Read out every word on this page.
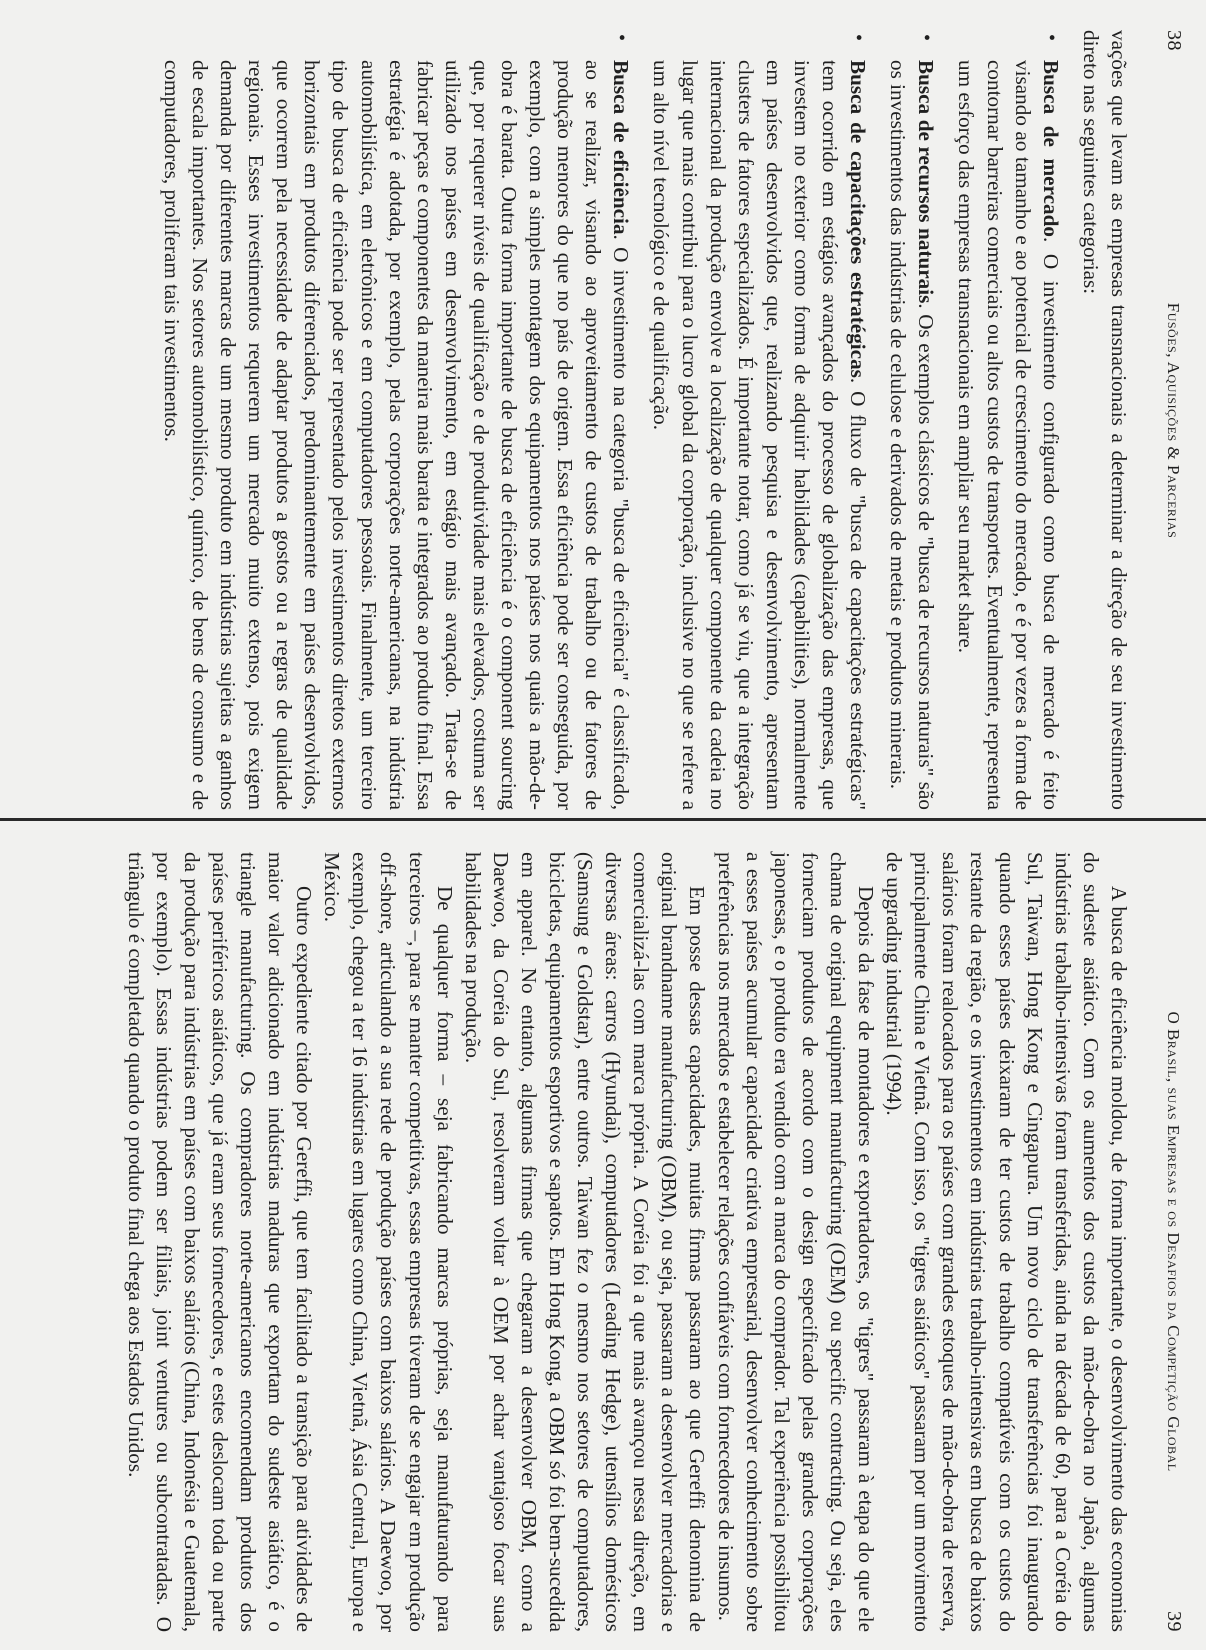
38
Fusões, Aquisições & Parcerias

vações que levam as empresas transnacionais a determinar a direção de seu investimento direto nas seguintes categorias:

•
Busca de mercado. O investimento configurado como busca de mercado é feito visando ao tamanho e ao potencial de crescimento do mercado, e é por vezes a forma de contornar barreiras comerciais ou altos custos de transportes. Eventualmente, representa um esforço das empresas transnacionais em ampliar seu market share.
•
Busca de recursos naturais. Os exemplos clássicos de "busca de recursos naturais" são os investimentos das indústrias de celulose e derivados de metais e produtos minerais.
•
Busca de capacitações estratégicas. O fluxo de "busca de capacitações estratégicas" tem ocorrido em estágios avançados do processo de globalização das empresas, que investem no exterior como forma de adquirir habilidades (capabilities), normalmente em países desenvolvidos que, realizando pesquisa e desenvolvimento, apresentam clusters de fatores especializados. É importante notar, como já se viu, que a integração internacional da produção envolve a localização de qualquer componente da cadeia no lugar que mais contribui para o lucro global da corporação, inclusive no que se refere a um alto nível tecnológico e de qualificação.
•
Busca de eficiência. O investimento na categoria "busca de eficiência" é classificado, ao se realizar, visando ao aproveitamento de custos de trabalho ou de fatores de produção menores do que no país de origem. Essa eficiência pode ser conseguida, por exemplo, com a simples montagem dos equipamentos nos países nos quais a mão-de-obra é barata. Outra forma importante de busca de eficiência é o component sourcing que, por requerer níveis de qualificação e de produtividade mais elevados, costuma ser utilizado nos países em desenvolvimento, em estágio mais avançado. Trata-se de fabricar peças e componentes da maneira mais barata e integrados ao produto final. Essa estratégia é adotada, por exemplo, pelas corporações norte-americanas, na indústria automobilística, em eletrônicos e em computadores pessoais. Finalmente, um terceiro tipo de busca de eficiência pode ser representado pelos investimentos diretos externos horizontais em produtos diferenciados, predominantemente em países desenvolvidos, que ocorrem pela necessidade de adaptar produtos a gostos ou a regras de qualidade regionais. Esses investimentos requerem um mercado muito extenso, pois exigem demanda por diferentes marcas de um mesmo produto em indústrias sujeitas a ganhos de escala importantes. Nos setores automobilístico, químico, de bens de consumo e de computadores, proliferam tais investimentos.
O Brasil, suas Empresas e os Desafios da Competição Global
39

A busca de eficiência moldou, de forma importante, o desenvolvimento das economias do sudeste asiático. Com os aumentos dos custos da mão-de-obra no Japão, algumas indústrias trabalho-intensivas foram transferidas, ainda na década de 60, para a Coréia do Sul, Taiwan, Hong Kong e Cingapura. Um novo ciclo de transferências foi inaugurado quando esses países deixaram de ter custos de trabalho compatíveis com os custos do restante da região, e os investimentos em indústrias trabalho-intensivas em busca de baixos salários foram realocados para os países com grandes estoques de mão-de-obra de reserva, principalmente China e Vietnã. Com isso, os "tigres asiáticos" passaram por um movimento de upgrading industrial (1994).

Depois da fase de montadores e exportadores, os "tigres" passaram à etapa do que ele chama de original equipment manufacturing (OEM) ou specific contracting. Ou seja, eles forneciam produtos de acordo com o design especificado pelas grandes corporações japonesas, e o produto era vendido com a marca do comprador. Tal experiência possibilitou a esses países acumular capacidade criativa empresarial, desenvolver conhecimento sobre preferências nos mercados e estabelecer relações confiáveis com fornecedores de insumos.

Em posse dessas capacidades, muitas firmas passaram ao que Gereffi denomina de original brandname manufacturing (OBM), ou seja, passaram a desenvolver mercadorias e comercializá-las com marca própria. A Coréia foi a que mais avançou nessa direção, em diversas áreas: carros (Hyundai), computadores (Leading Hedge), utensílios domésticos (Samsung e Goldstar), entre outros. Taiwan fez o mesmo nos setores de computadores, bicicletas, equipamentos esportivos e sapatos. Em Hong Kong, a OBM só foi bem-sucedida em apparel. No entanto, algumas firmas que chegaram a desenvolver OBM, como a Daewoo, da Coréia do Sul, resolveram voltar à OEM por achar vantajoso focar suas habilidades na produção.

De qualquer forma – seja fabricando marcas próprias, seja manufaturando para terceiros –, para se manter competitivas, essas empresas tiveram de se engajar em produção off-shore, articulando a sua rede de produção países com baixos salários. A Daewoo, por exemplo, chegou a ter 16 indústrias em lugares como China, Vietnã, Ásia Central, Europa e México.

Outro expediente citado por Gereffi, que tem facilitado a transição para atividades de maior valor adicionado em indústrias maduras que exportam do sudeste asiático, é o triangle manufacturing. Os compradores norte-americanos encomendam produtos dos países periféricos asiáticos, que já eram seus fornecedores, e estes deslocam toda ou parte da produção para indústrias em países com baixos salários (China, Indonésia e Guatemala, por exemplo). Essas indústrias podem ser filiais, joint ventures ou subcontratadas. O triângulo é completado quando o produto final chega aos Estados Unidos.
